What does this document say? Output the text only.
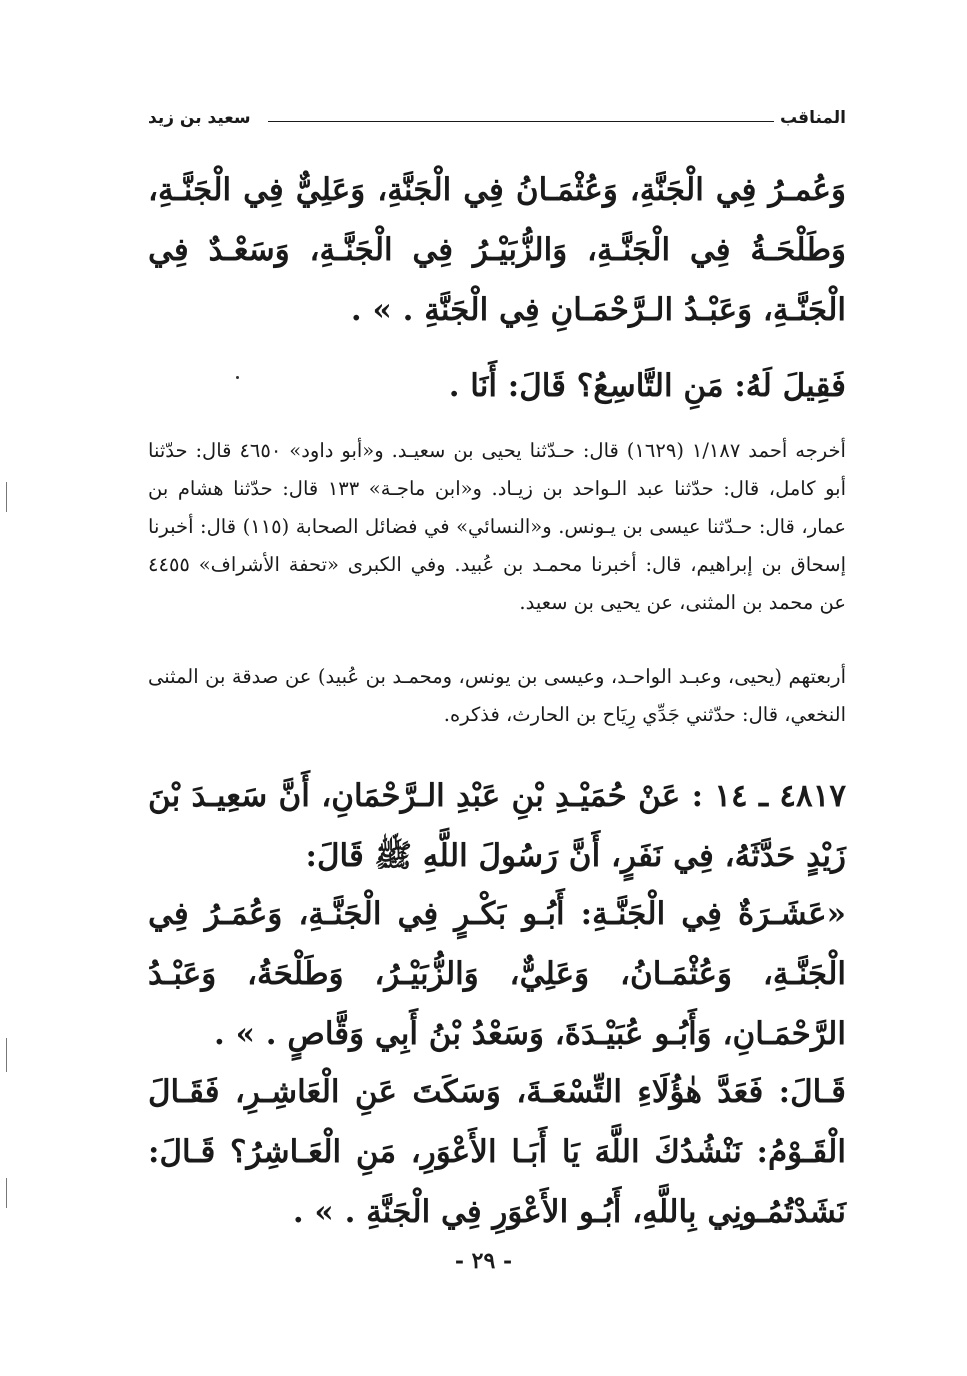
المناقب
سعيد بن زيد
وَعُمـرُ فِي الْجَنَّةِ، وَعُثْمَـانُ فِي الْجَنَّةِ، وَعَلِيٌّ فِي الْجَنَّـةِ، وَطَلْحَـةُ فِي الْجَنَّـةِ، وَالزُّبَيْـرُ فِي الْجَنَّـةِ، وَسَعْـدٌ فِي الْجَنَّـةِ، وَعَبْـدُ الـرَّحْمَـانِ فِي الْجَنَّةِ . » .
فَقِيلَ لَهُ: مَنِ التَّاسِعُ؟ قَالَ: أَنَا .
أخرجه أحمد ١/١٨٧ (١٦٢٩) قال: حـدّثنا يحيى بن سعيـد. و«أبو داود» ٤٦٥٠ قال: حدّثنا أبو كامل، قال: حدّثنا عبد الـواحد بن زيـاد. و«ابن ماجـة» ١٣٣ قال: حدّثنا هشام بن عمار، قال: حـدّثنا عيسى بن يـونس. و«النسائي» في فضائل الصحابة (١١٥) قال: أخبرنا إسحاق بن إبراهيم، قال: أخبرنا محمـد بن عُبيد. وفي الكبرى «تحفة الأشراف» ٤٤٥٥ عن محمد بن المثنى، عن يحيى بن سعيد.
أربعتهم (يحيى، وعبـد الواحـد، وعيسى بن يونس، ومحمـد بن عُبيد) عن صدقة بن المثنى النخعي، قال: حدّثني جَدِّي رِيَاح بن الحارث، فذكره.
٤٨١٧ ـ ١٤ : عَنْ حُمَيْـدِ بْنِ عَبْدِ الـرَّحْمَانِ، أَنَّ سَعِيـدَ بْنَ زَيْدٍ حَدَّثَهُ، فِي نَفَرٍ، أَنَّ رَسُولَ اللَّهِ ﷺ قَالَ:
«عَشَـرَةٌ فِي الْجَنَّـةِ: أَبُـو بَكْـرٍ فِي الْجَنَّـةِ، وَعُمَـرُ فِي الْجَنَّـةِ، وَعُثْمَـانُ، وَعَلِيٌّ، وَالزُّبَيْـرُ، وَطَلْحَةُ، وَعَبْـدُ الرَّحْمَـانِ، وَأَبُـو عُبَيْـدَةَ، وَسَعْدُ بْنُ أَبِي وَقَّاصٍ . » .
قَـالَ: فَعَدَّ هٰؤُلَاءِ التِّسْعَـةَ، وَسَكَتَ عَنِ الْعَاشِـرِ، فَقَـالَ الْقَـوْمُ: نَنْشُدُكَ اللَّهَ يَا أَبَـا الأَعْوَرِ، مَنِ الْعَـاشِرُ؟ قَـالَ: نَشَدْتُمُـونِي بِاللَّهِ، أَبُـو الأَعْوَرِ فِي الْجَنَّةِ . » .
- ٢٩ -
